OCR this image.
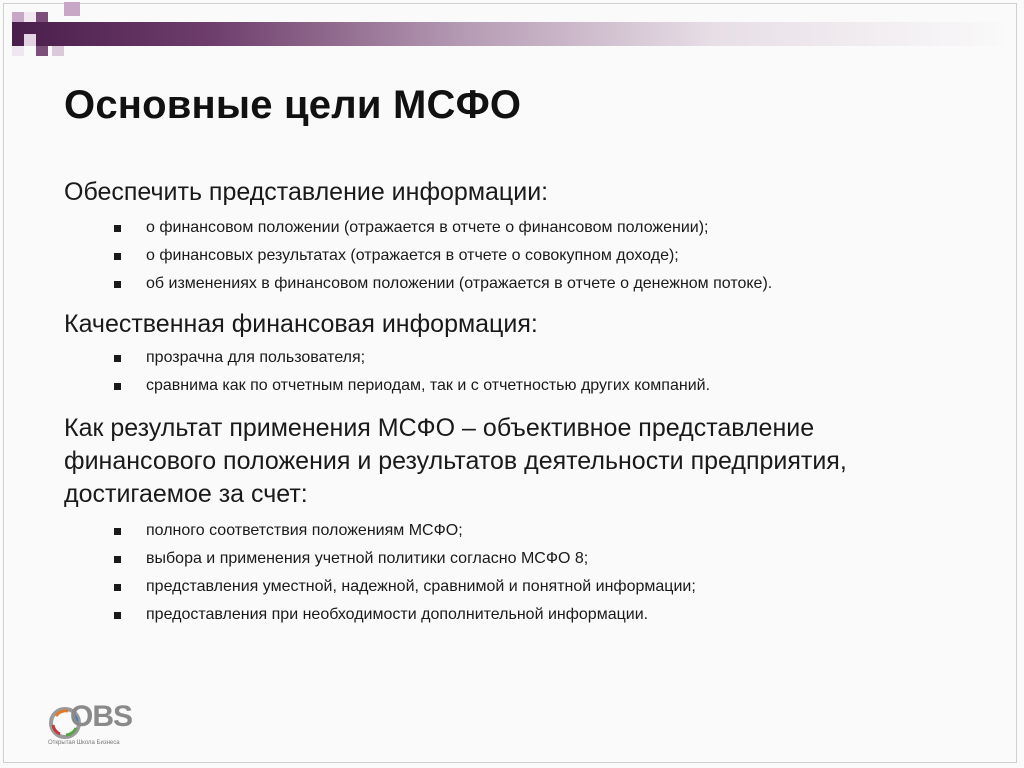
Основные цели МСФО

Обеспечить представление информации:

о финансовом положении (отражается в отчете о финансовом положении);
о финансовых результатах (отражается в отчете о совокупном доходе);
об изменениях в финансовом положении (отражается в отчете о денежном потоке).

Качественная финансовая информация:

прозрачна для пользователя;
сравнима как по отчетным периодам, так и с отчетностью других компаний.

Как результат применения МСФО – объективное представление
финансового положения и результатов деятельности предприятия,
достигаемое за счет:

полного соответствия положениям МСФО;
выбора и применения учетной политики согласно МСФО 8;
представления уместной, надежной, сравнимой и понятной информации;
предоставления при необходимости дополнительной информации.
OBS
Открытая Школа Бизнеса
